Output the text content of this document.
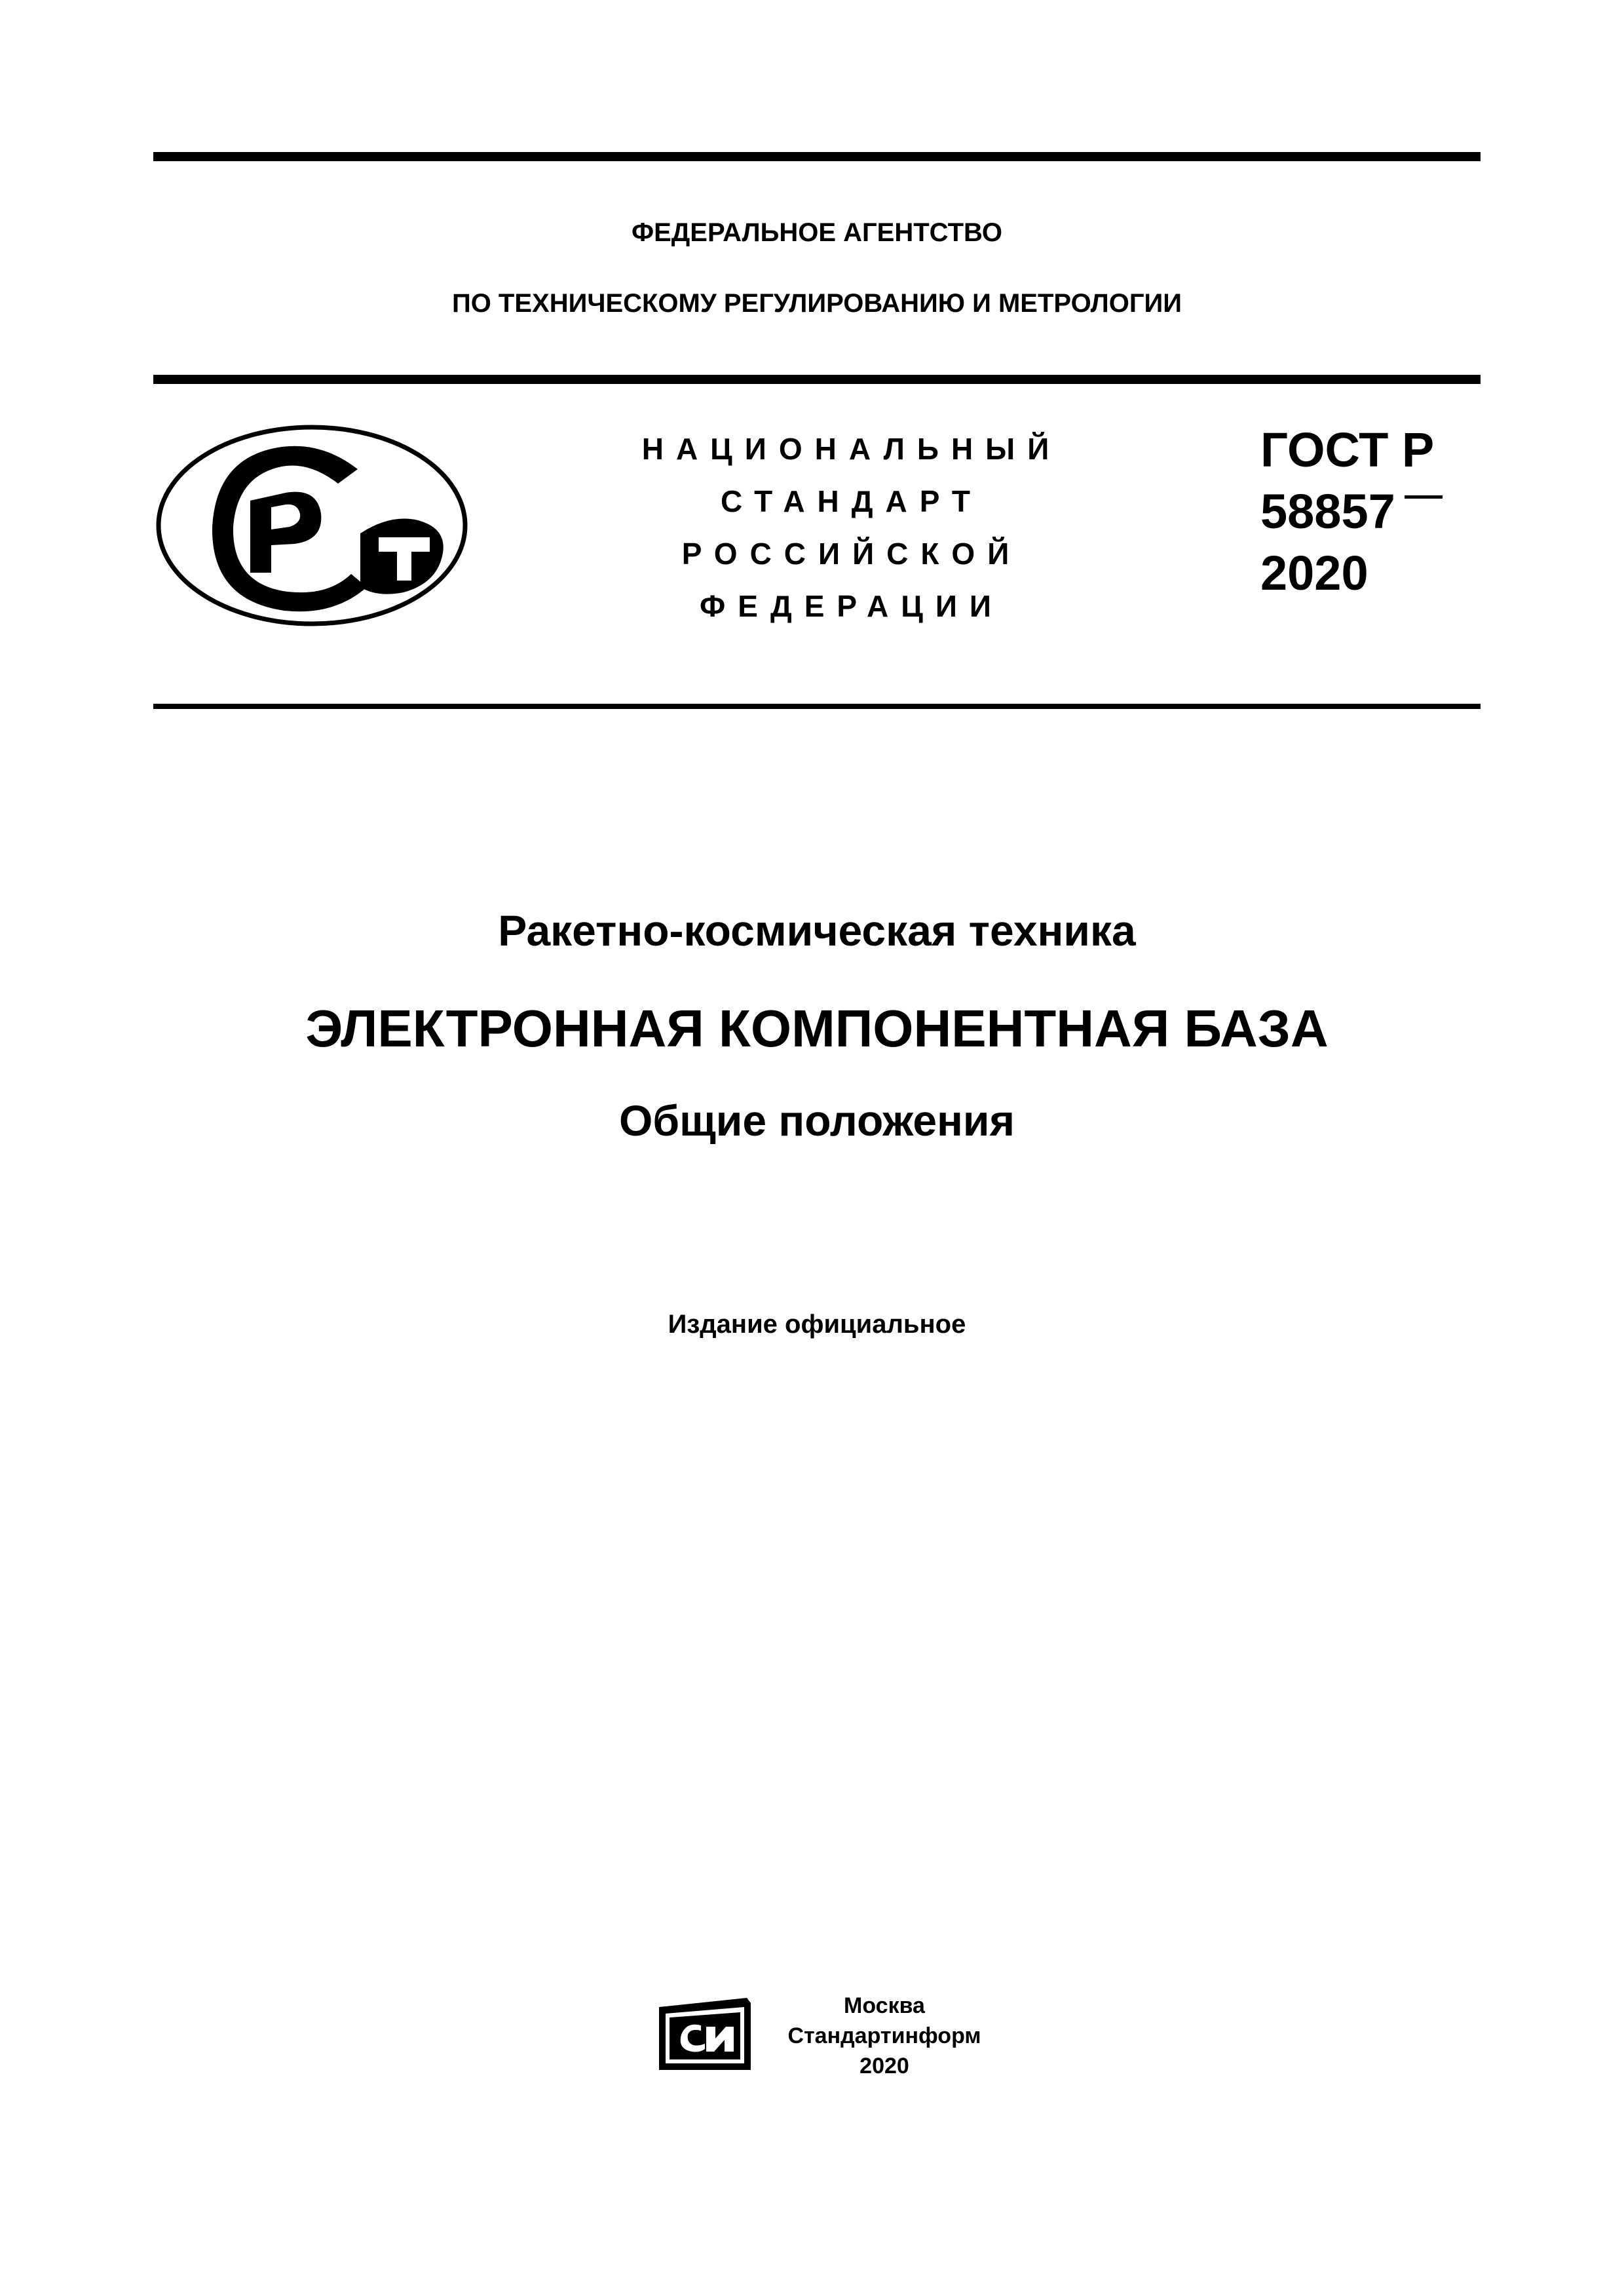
ФЕДЕРАЛЬНОЕ АГЕНТСТВО
ПО ТЕХНИЧЕСКОМУ РЕГУЛИРОВАНИЮ И МЕТРОЛОГИИ
НАЦИОНАЛЬНЫЙ
СТАНДАРТ
РОССИЙСКОЙ
ФЕДЕРАЦИИ
ГОСТ Р
58857
2020
Ракетно-космическая техника
ЭЛЕКТРОННАЯ КОМПОНЕНТНАЯ БАЗА
Общие положения
Издание официальное
Москва
Стандартинформ
2020
